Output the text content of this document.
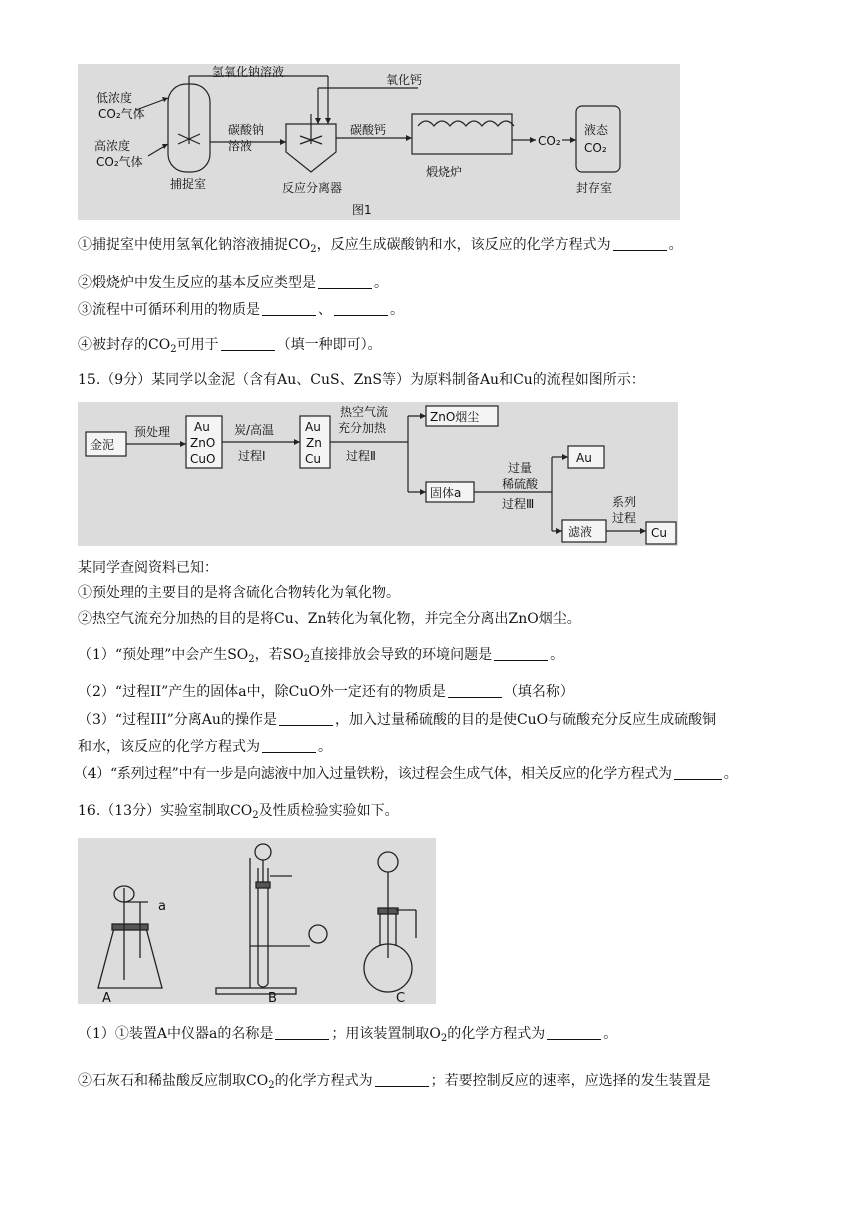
氢氧化钠溶液
低浓度
CO₂气体
高浓度
CO₂气体
捕捉室
碳酸钠
溶液
氧化钙
反应分离器
碳酸钙
煅烧炉
CO₂
液态
CO₂
封存室
图1
①捕捉室中使用氢氧化钠溶液捕捉$CO_2$，反应生成碳酸钠和水，该反应的化学方程式为	。
②煅烧炉中发生反应的基本反应类型是	。
③流程中可循环利用的物质是	、	。
④被封存的$CO_2$可用于	（填一种即可）。
15.（9分）某同学以金泥（含有Au、CuS、ZnS等）为原料制备Au和Cu的流程如图所示：
金泥
预处理 Au
ZnO
CuO
炭/高温
过程Ⅰ
Au
Zn
Cu
热空气流
充分加热
过程Ⅱ
ZnO烟尘
固体a
过量
稀硫酸
过程Ⅲ
Au
滤液
系列
过程
Cu
某同学查阅资料已知：
①预处理的主要目的是将含硫化合物转化为氧化物。
②热空气流充分加热的目的是将Cu、Zn转化为氧化物，并完全分离出ZnO烟尘。
（1）“预处理”中会产生$SO_2$，若$SO_2$直接排放会导致的环境问题是	。
（2）“过程II”产生的固体a中，除CuO外一定还有的物质是	（填名称）
（3）“过程III”分离Au的操作是	，加入过量稀硫酸的目的是使CuO与硫酸充分反应生成硫酸铜
和水，该反应的化学方程式为	。
（4）“系列过程”中有一步是向滤液中加入过量铁粉，该过程会生成气体，相关反应的化学方程式为	。
16.（13分）实验室制取$CO_2$及性质检验实验如下。
a
A	B	C
（1）①装置A中仪器a的名称是	；用该装置制取$O_2$的化学方程式为	。
②石灰石和稀盐酸反应制取$CO_2$的化学方程式为	；若要控制反应的速率，应选择的发生装置是
